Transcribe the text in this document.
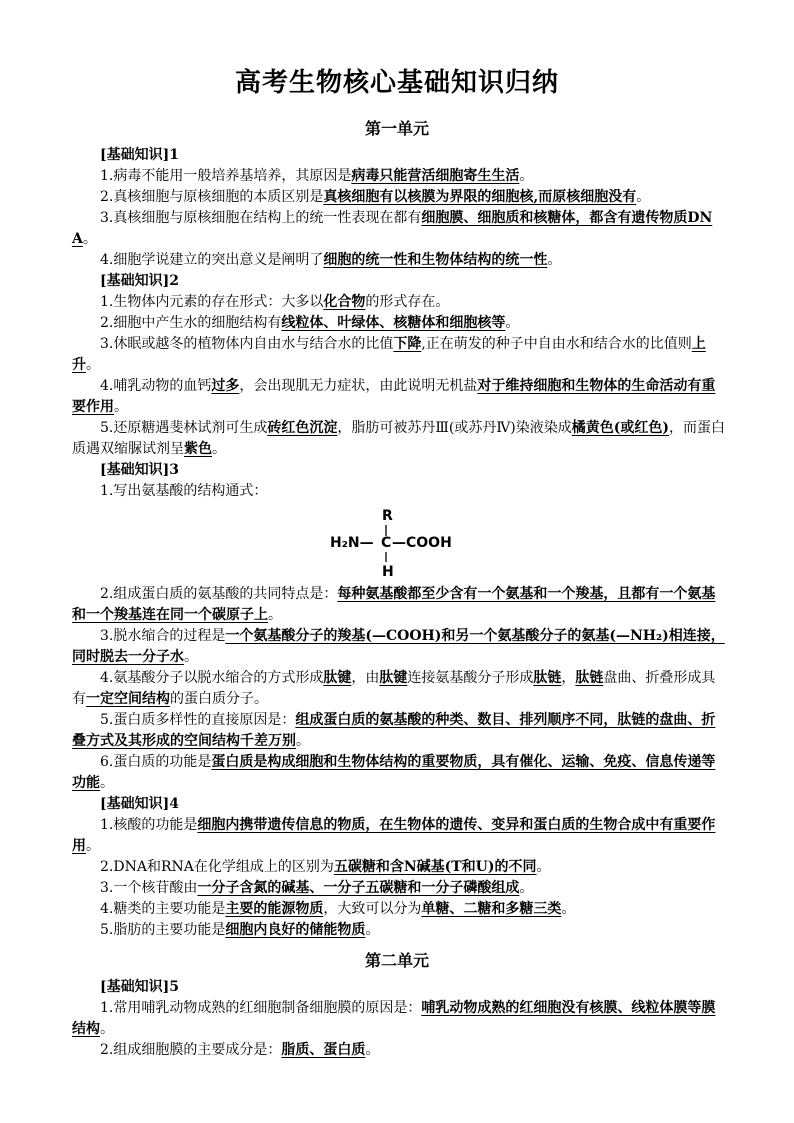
高考生物核心基础知识归纳
第一单元
[基础知识]1

1.病毒不能用一般培养基培养，其原因是病毒只能营活细胞寄生生活。

2.真核细胞与原核细胞的本质区别是真核细胞有以核膜为界限的细胞核,而原核细胞没有。

3.真核细胞与原核细胞在结构上的统一性表现在都有细胞膜、细胞质和核糖体，都含有遗传物质DNA。

4.细胞学说建立的突出意义是阐明了细胞的统一性和生物体结构的统一性。

[基础知识]2

1.生物体内元素的存在形式：大多以化合物的形式存在。

2.细胞中产生水的细胞结构有线粒体、叶绿体、核糖体和细胞核等。

3.休眠或越冬的植物体内自由水与结合水的比值下降,正在萌发的种子中自由水和结合水的比值则上升。

4.哺乳动物的血钙过多，会出现肌无力症状，由此说明无机盐对于维持细胞和生物体的生命活动有重要作用。

5.还原糖遇斐林试剂可生成砖红色沉淀，脂肪可被苏丹Ⅲ(或苏丹Ⅳ)染液染成橘黄色(或红色)，而蛋白质遇双缩脲试剂呈紫色。

[基础知识]3

1.写出氨基酸的结构通式：

R
H₂N— C —COOH
H

2.组成蛋白质的氨基酸的共同特点是：每种氨基酸都至少含有一个氨基和一个羧基，且都有一个氨基和一个羧基连在同一个碳原子上。

3.脱水缩合的过程是一个氨基酸分子的羧基(—COOH)和另一个氨基酸分子的氨基(—NH₂)相连接，同时脱去一分子水。

4.氨基酸分子以脱水缩合的方式形成肽键，由肽键连接氨基酸分子形成肽链，肽链盘曲、折叠形成具有一定空间结构的蛋白质分子。

5.蛋白质多样性的直接原因是：组成蛋白质的氨基酸的种类、数目、排列顺序不同，肽链的盘曲、折叠方式及其形成的空间结构千差万别。

6.蛋白质的功能是蛋白质是构成细胞和生物体结构的重要物质，具有催化、运输、免疫、信息传递等功能。

[基础知识]4

1.核酸的功能是细胞内携带遗传信息的物质，在生物体的遗传、变异和蛋白质的生物合成中有重要作用。

2.DNA和RNA在化学组成上的区别为五碳糖和含N碱基(T和U)的不同。

3.一个核苷酸由一分子含氮的碱基、一分子五碳糖和一分子磷酸组成。

4.糖类的主要功能是主要的能源物质，大致可以分为单糖、二糖和多糖三类。

5.脂肪的主要功能是细胞内良好的储能物质。

第二单元
[基础知识]5

1.常用哺乳动物成熟的红细胞制备细胞膜的原因是：哺乳动物成熟的红细胞没有核膜、线粒体膜等膜结构。

2.组成细胞膜的主要成分是：脂质、蛋白质。
